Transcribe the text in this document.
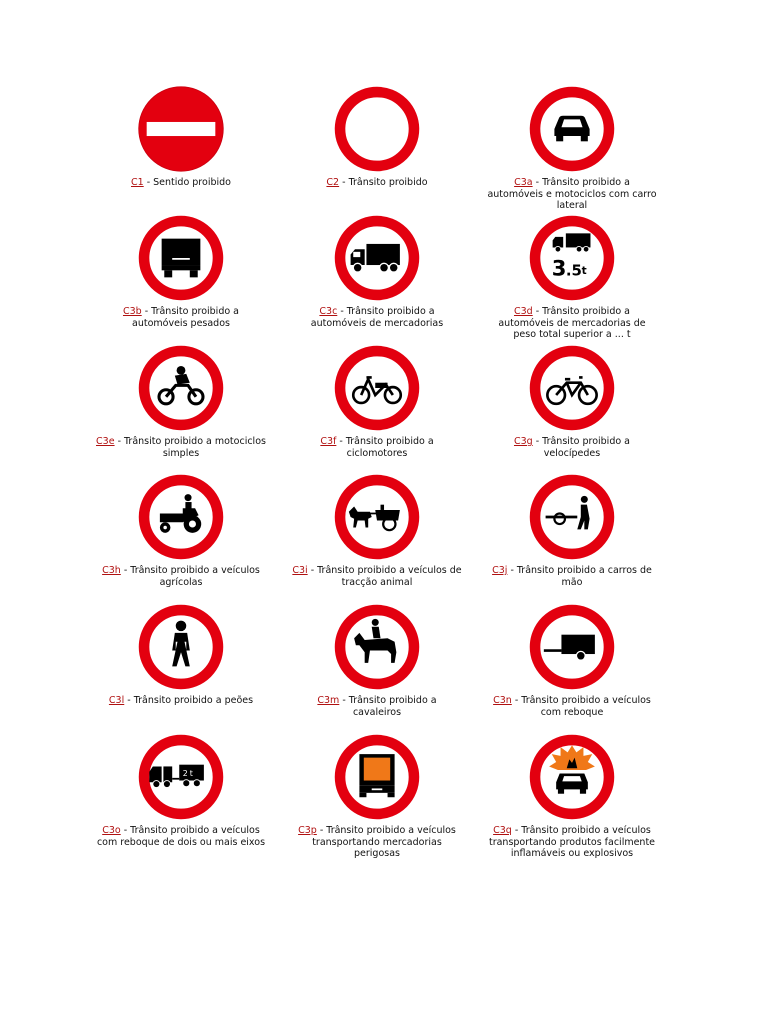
C1 - Sentido proibido	C2 - Trânsito proibido	C3a - Trânsito proibido a automóveis e motociclos com carro lateral
C3b - Trânsito proibido a automóveis pesados
C3c - Trânsito proibido a automóveis de mercadorias
3 .5 t
C3d - Trânsito proibido a automóveis de mercadorias de peso total superior a ... t
C3e - Trânsito proibido a motociclos simples
C3f - Trânsito proibido a ciclomotores
C3g - Trânsito proibido a velocípedes
C3h - Trânsito proibido a veículos agrícolas
C3i - Trânsito proibido a veículos de tracção animal
C3j - Trânsito proibido a carros de mão
C3l - Trânsito proibido a peões	C3m - Trânsito proibido a cavaleiros
C3n - Trânsito proibido a veículos com reboque
2 t
C3o - Trânsito proibido a veículos com reboque de dois ou mais eixos
C3p - Trânsito proibido a veículos transportando mercadorias perigosas
C3q - Trânsito proibido a veículos transportando produtos facilmente inflamáveis ou explosivos
